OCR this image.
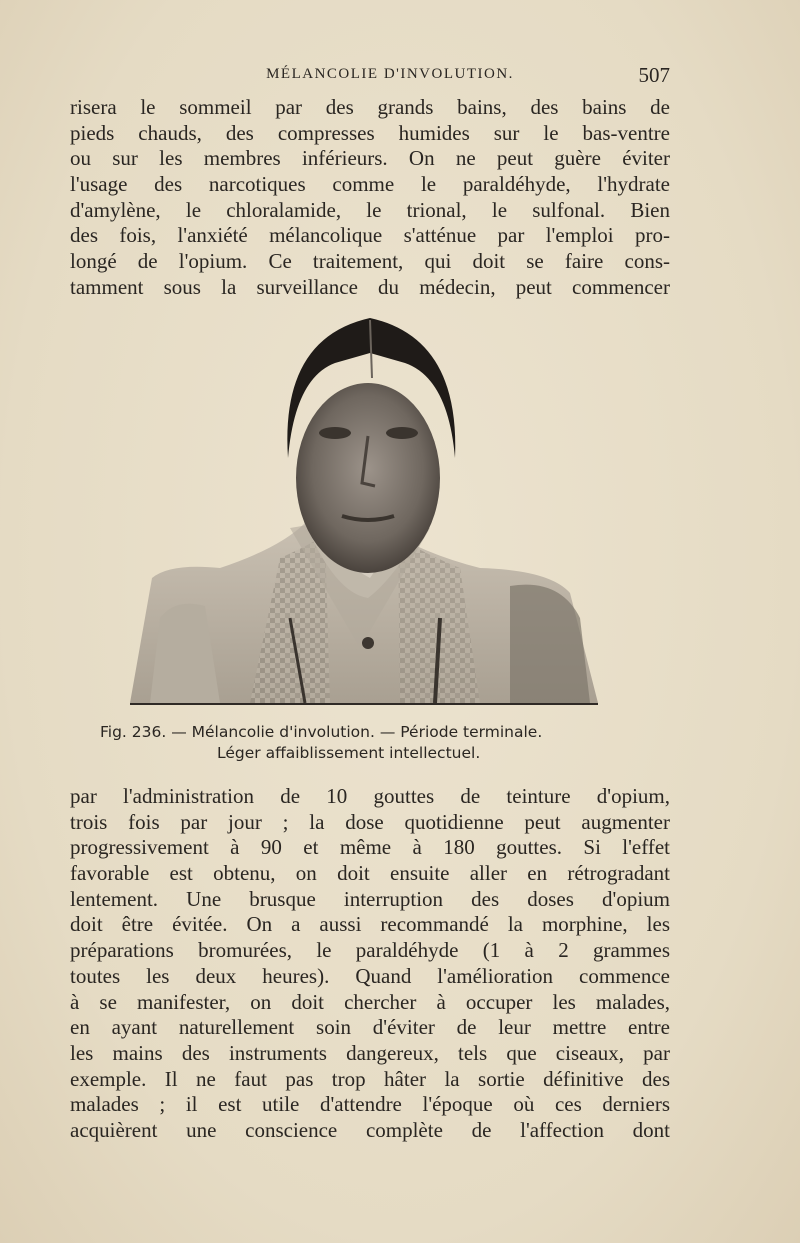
MÉLANCOLIE D'INVOLUTION.	507
risera le sommeil par des grands bains, des bains de
pieds chauds, des compresses humides sur le bas-ventre
ou sur les membres inférieurs. On ne peut guère éviter
l'usage des narcotiques comme le paraldéhyde, l'hydrate
d'amylène, le chloralamide, le trional, le sulfonal. Bien
des fois, l'anxiété mélancolique s'atténue par l'emploi pro-
longé de l'opium. Ce traitement, qui doit se faire cons-
tamment sous la surveillance du médecin, peut commencer
Fig. 236. — Mélancolie d'involution. — Période terminale.
Léger affaiblissement intellectuel.
par l'administration de 10 gouttes de teinture d'opium,
trois fois par jour ; la dose quotidienne peut augmenter
progressivement à 90 et même à 180 gouttes. Si l'effet
favorable est obtenu, on doit ensuite aller en rétrogradant
lentement. Une brusque interruption des doses d'opium
doit être évitée. On a aussi recommandé la morphine, les
préparations bromurées, le paraldéhyde (1 à 2 grammes
toutes les deux heures). Quand l'amélioration commence
à se manifester, on doit chercher à occuper les malades,
en ayant naturellement soin d'éviter de leur mettre entre
les mains des instruments dangereux, tels que ciseaux, par
exemple. Il ne faut pas trop hâter la sortie définitive des
malades ; il est utile d'attendre l'époque où ces derniers
acquièrent une conscience complète de l'affection dont
